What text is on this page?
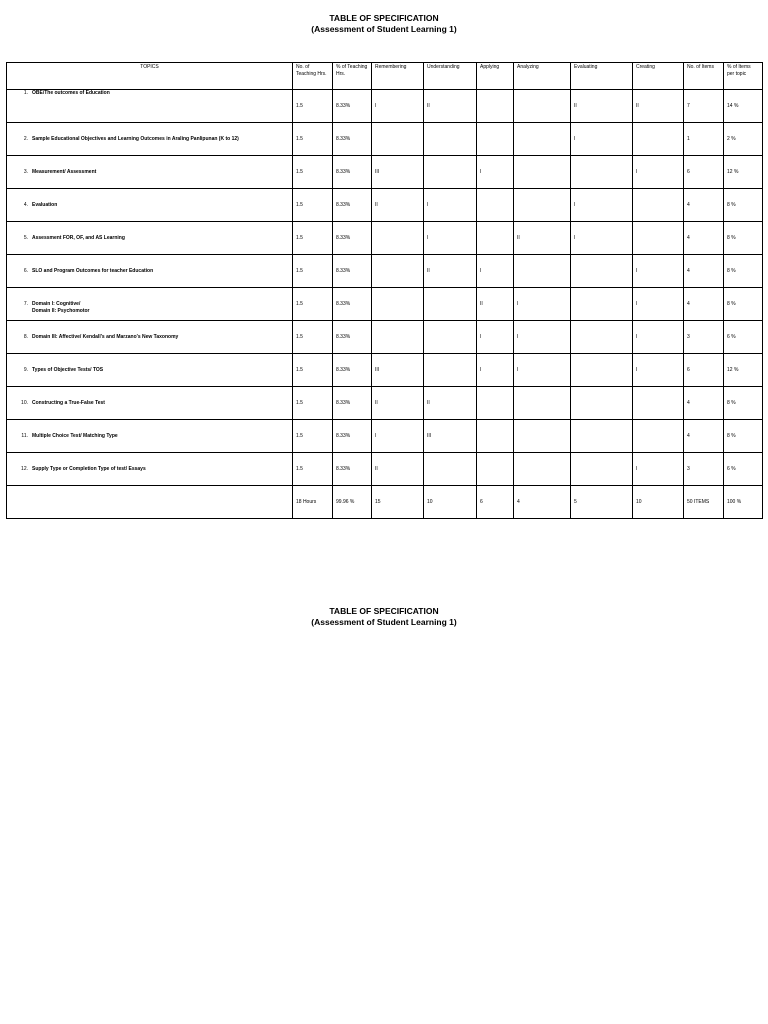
TABLE OF SPECIFICATION
(Assessment of Student Learning 1)
TOPICS	No. of Teaching Hrs.	% of Teaching Hrs.	Remembering	Understanding	Applying	Analyzing	Evaluating	Creating	No. of Items	% of Items per topic
1. OBE/The outcomes of Education	1.5	8.33%	I	II			II	II	7	14 %
2. Sample Educational Objectives and Learning Outcomes in Araling Panlipunan (K to 12)	1.5	8.33%					I		1	2 %
3. Measurement/ Assessment	1.5	8.33%	III		I			I	6	12 %
4. Evaluation	1.5	8.33%	II	I			I		4	8 %
5. Assessment FOR, OF, and AS Learning	1.5	8.33%		I		II	I		4	8 %
6. SLO and Program Outcomes for teacher Education	1.5	8.33%		II	I			I	4	8 %
7. Domain I: Cognitive/
Domain II: Psychomotor	1.5	8.33%			II	I		I	4	8 %
8. Domain III: Affective/ Kendall's and Marzano's New Taxonomy	1.5	8.33%			I	I		I	3	6 %
9. Types of Objective Tests/ TOS	1.5	8.33%	III		I	I		I	6	12 %
10. Constructing a True-False Test	1.5	8.33%	II	II					4	8 %
11. Multiple Choice Test/ Matching Type	1.5	8.33%	I	III					4	8 %
12. Supply Type or Completion Type of test/ Essays	1.5	8.33%	II					I	3	6 %
	18 Hours	99.96 %	15	10	6	4	5	10	50 ITEMS	100 %
TABLE OF SPECIFICATION
(Assessment of Student Learning 1)
